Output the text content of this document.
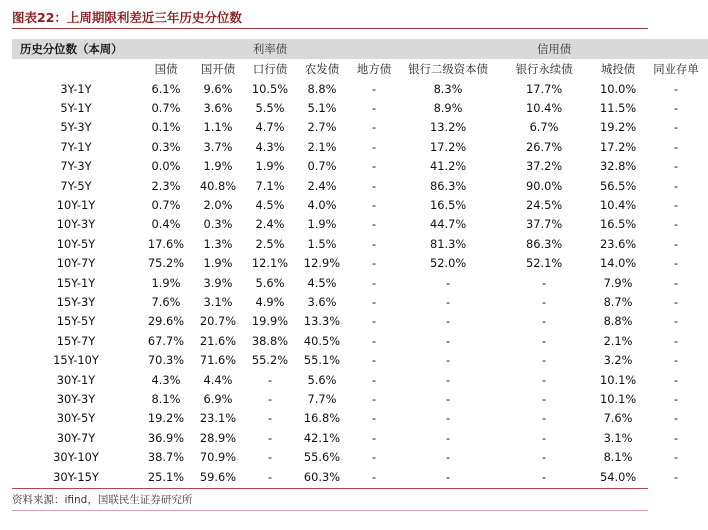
图表22：上周期限利差近三年历史分位数
历史分位数（本周）	利率债					信用债			
	国债	国开债	口行债	农发债	地方债	银行二级资本债	银行永续债	城投债	同业存单
3Y-1Y	6.1%	9.6%	10.5%	8.8%	-	8.3%	17.7%	10.0%	-
5Y-1Y	0.7%	3.6%	5.5%	5.1%	-	8.9%	10.4%	11.5%	-
5Y-3Y	0.1%	1.1%	4.7%	2.7%	-	13.2%	6.7%	19.2%	-
7Y-1Y	0.3%	3.7%	4.3%	2.1%	-	17.2%	26.7%	17.2%	-
7Y-3Y	0.0%	1.9%	1.9%	0.7%	-	41.2%	37.2%	32.8%	-
7Y-5Y	2.3%	40.8%	7.1%	2.4%	-	86.3%	90.0%	56.5%	-
10Y-1Y	0.7%	2.0%	4.5%	4.0%	-	16.5%	24.5%	10.4%	-
10Y-3Y	0.4%	0.3%	2.4%	1.9%	-	44.7%	37.7%	16.5%	-
10Y-5Y	17.6%	1.3%	2.5%	1.5%	-	81.3%	86.3%	23.6%	-
10Y-7Y	75.2%	1.9%	12.1%	12.9%	-	52.0%	52.1%	14.0%	-
15Y-1Y	1.9%	3.9%	5.6%	4.5%	-	-	-	7.9%	-
15Y-3Y	7.6%	3.1%	4.9%	3.6%	-	-	-	8.7%	-
15Y-5Y	29.6%	20.7%	19.9%	13.3%	-	-	-	8.8%	-
15Y-7Y	67.7%	21.6%	38.8%	40.5%	-	-	-	2.1%	-
15Y-10Y	70.3%	71.6%	55.2%	55.1%	-	-	-	3.2%	-
30Y-1Y	4.3%	4.4%	-	5.6%	-	-	-	10.1%	-
30Y-3Y	8.1%	6.9%	-	7.7%	-	-	-	10.1%	-
30Y-5Y	19.2%	23.1%	-	16.8%	-	-	-	7.6%	-
30Y-7Y	36.9%	28.9%	-	42.1%	-	-	-	3.1%	-
30Y-10Y	38.7%	70.9%	-	55.6%	-	-	-	8.1%	-
30Y-15Y	25.1%	59.6%	-	60.3%	-	-	-	54.0%	-
资料来源：ifind，国联民生证券研究所
